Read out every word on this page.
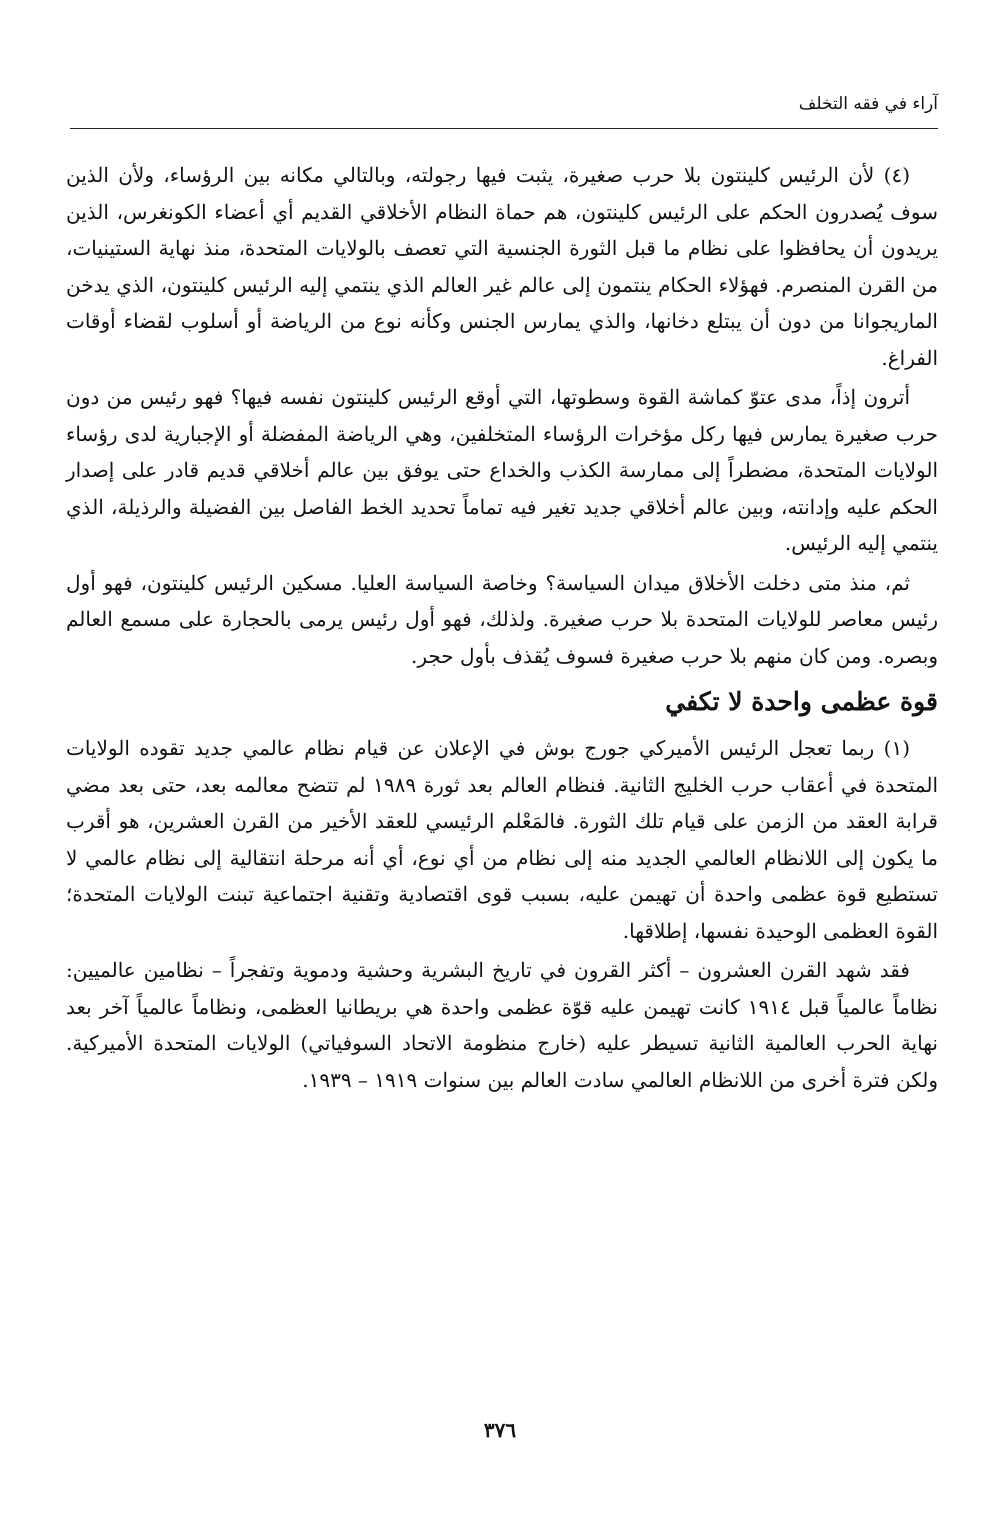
آراء في فقه التخلف

(٤) لأن الرئيس كلينتون بلا حرب صغيرة، يثبت فيها رجولته، وبالتالي مكانه بين الرؤساء، ولأن الذين سوف يُصدرون الحكم على الرئيس كلينتون، هم حماة النظام الأخلاقي القديم أي أعضاء الكونغرس، الذين يريدون أن يحافظوا على نظام ما قبل الثورة الجنسية التي تعصف بالولايات المتحدة، منذ نهاية الستينيات، من القرن المنصرم. فهؤلاء الحكام ينتمون إلى عالم غير العالم الذي ينتمي إليه الرئيس كلينتون، الذي يدخن الماريجوانا من دون أن يبتلع دخانها، والذي يمارس الجنس وكأنه نوع من الرياضة أو أسلوب لقضاء أوقات الفراغ.

أترون إذاً، مدى عتوّ كماشة القوة وسطوتها، التي أوقع الرئيس كلينتون نفسه فيها؟ فهو رئيس من دون حرب صغيرة يمارس فيها ركل مؤخرات الرؤساء المتخلفين، وهي الرياضة المفضلة أو الإجبارية لدى رؤساء الولايات المتحدة، مضطراً إلى ممارسة الكذب والخداع حتى يوفق بين عالم أخلاقي قديم قادر على إصدار الحكم عليه وإدانته، وبين عالم أخلاقي جديد تغير فيه تماماً تحديد الخط الفاصل بين الفضيلة والرذيلة، الذي ينتمي إليه الرئيس.

ثم، منذ متى دخلت الأخلاق ميدان السياسة؟ وخاصة السياسة العليا. مسكين الرئيس كلينتون، فهو أول رئيس معاصر للولايات المتحدة بلا حرب صغيرة. ولذلك، فهو أول رئيس يرمى بالحجارة على مسمع العالم وبصره. ومن كان منهم بلا حرب صغيرة فسوف يُقذف بأول حجر.

قوة عظمى واحدة لا تكفي

(١) ربما تعجل الرئيس الأميركي جورج بوش في الإعلان عن قيام نظام عالمي جديد تقوده الولايات المتحدة في أعقاب حرب الخليج الثانية. فنظام العالم بعد ثورة ١٩٨٩ لم تتضح معالمه بعد، حتى بعد مضي قرابة العقد من الزمن على قيام تلك الثورة. فالمَعْلم الرئيسي للعقد الأخير من القرن العشرين، هو أقرب ما يكون إلى اللانظام العالمي الجديد منه إلى نظام من أي نوع، أي أنه مرحلة انتقالية إلى نظام عالمي لا تستطيع قوة عظمى واحدة أن تهيمن عليه، بسبب قوى اقتصادية وتقنية اجتماعية تبنت الولايات المتحدة؛ القوة العظمى الوحيدة نفسها، إطلاقها.

فقد شهد القرن العشرون – أكثر القرون في تاريخ البشرية وحشية ودموية وتفجراً – نظامين عالميين: نظاماً عالمياً قبل ١٩١٤ كانت تهيمن عليه قوّة عظمى واحدة هي بريطانيا العظمى، ونظاماً عالمياً آخر بعد نهاية الحرب العالمية الثانية تسيطر عليه (خارج منظومة الاتحاد السوفياتي) الولايات المتحدة الأميركية. ولكن فترة أخرى من اللانظام العالمي سادت العالم بين سنوات ١٩١٩ – ١٩٣٩.

٣٧٦
